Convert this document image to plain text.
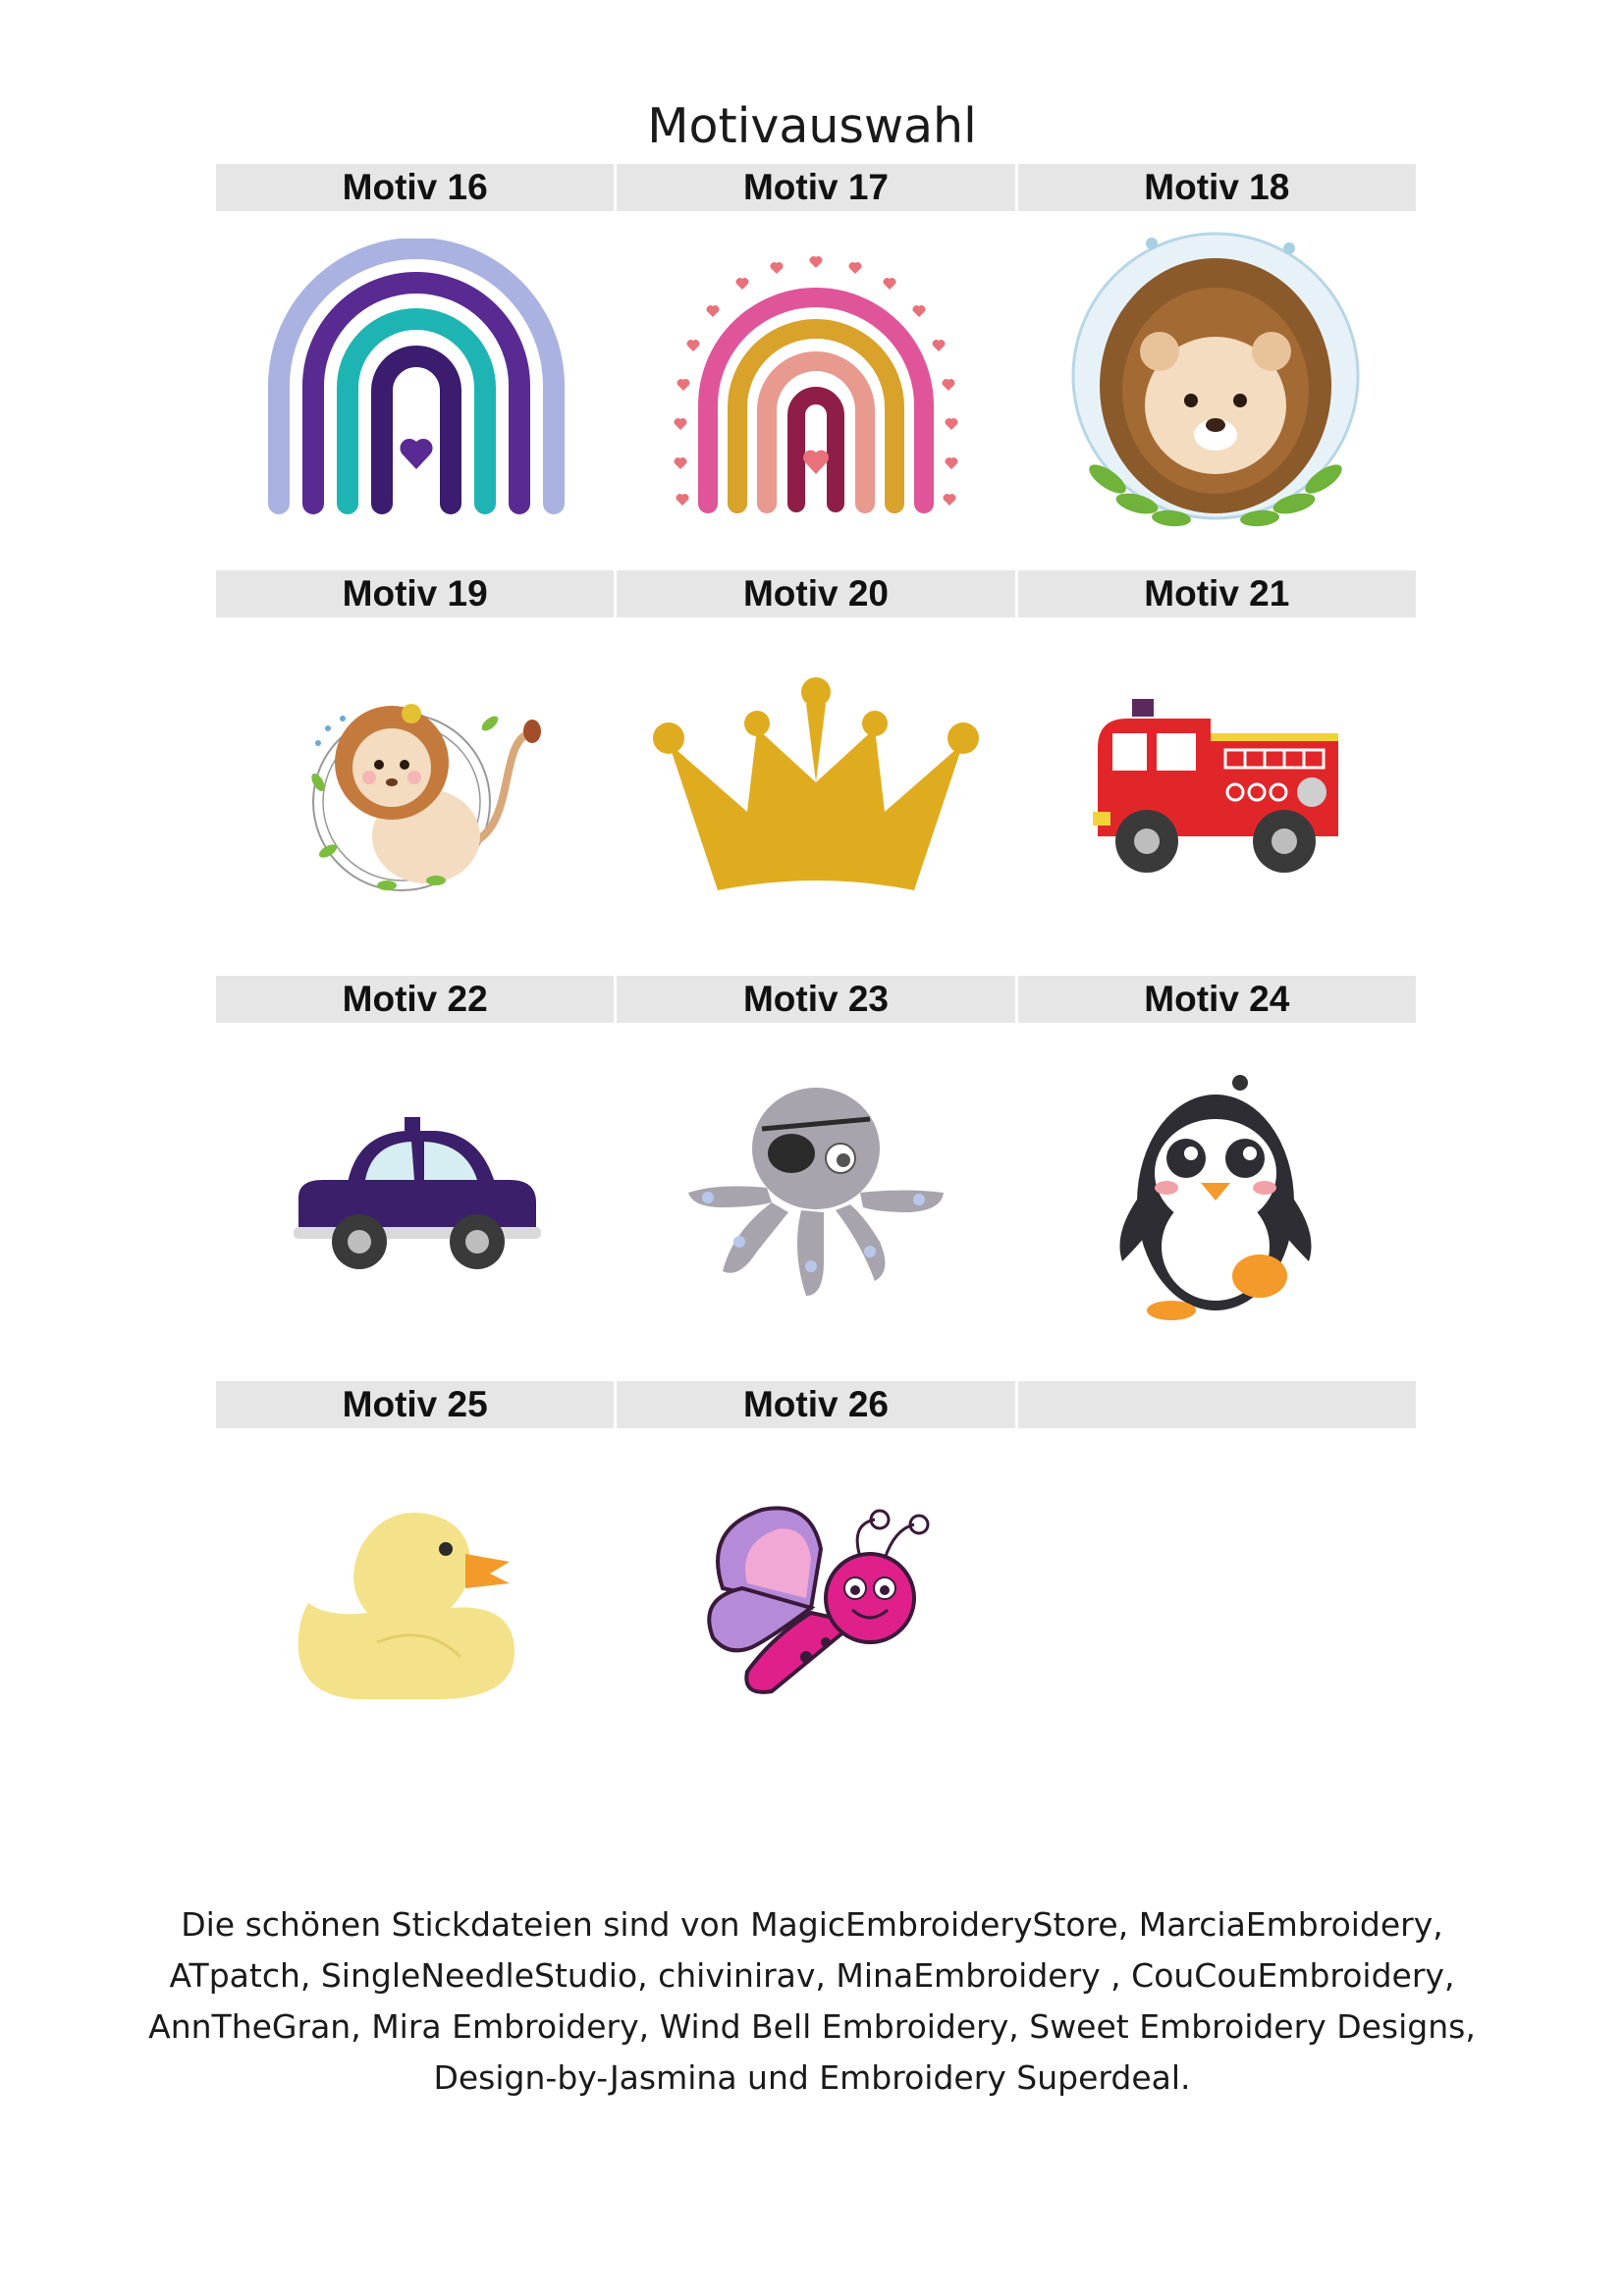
Motivauswahl
Motiv 16	Motiv 17	Motiv 18
Motiv 19	Motiv 20	Motiv 21
Motiv 22	Motiv 23	Motiv 24
Motiv 25	Motiv 26
Die schönen Stickdateien sind von MagicEmbroideryStore, MarciaEmbroidery, ATpatch, SingleNeedleStudio, chivinirav, MinaEmbroidery , CouCouEmbroidery, AnnTheGran, Mira Embroidery, Wind Bell Embroidery, Sweet Embroidery Designs, Design-by-Jasmina und Embroidery Superdeal.
